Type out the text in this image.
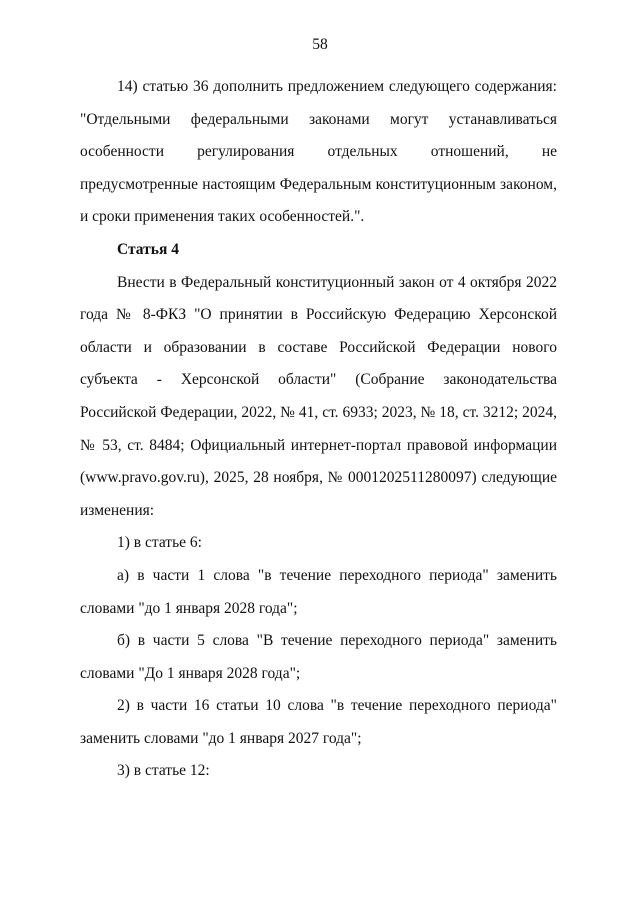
58

14) статью 36 дополнить предложением следующего содержания: "Отдельными федеральными законами могут устанавливаться особенности регулирования отдельных отношений, не предусмотренные настоящим Федеральным конституционным законом, и сроки применения таких особенностей.".

Статья 4

Внести в Федеральный конституционный закон от 4 октября 2022 года № 8-ФКЗ "О принятии в Российскую Федерацию Херсонской области и образовании в составе Российской Федерации нового субъекта - Херсонской области" (Собрание законодательства Российской Федерации, 2022, № 41, ст. 6933; 2023, № 18, ст. 3212; 2024, № 53, ст. 8484; Официальный интернет-портал правовой информации (www.pravo.gov.ru), 2025, 28 ноября, № 0001202511280097) следующие изменения:

1) в статье 6:

а) в части 1 слова "в течение переходного периода" заменить словами "до 1 января 2028 года";

б) в части 5 слова "В течение переходного периода" заменить словами "До 1 января 2028 года";

2) в части 16 статьи 10 слова "в течение переходного периода" заменить словами "до 1 января 2027 года";

3) в статье 12:
